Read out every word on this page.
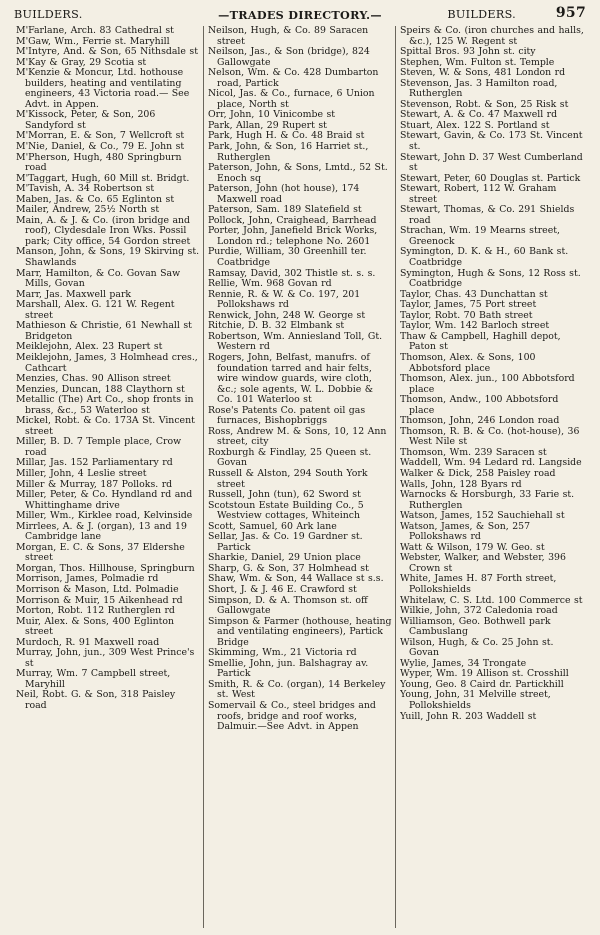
BUILDERS.	—TRADES DIRECTORY.—	BUILDERS.	957
M'Farlane, Arch. 83 Cathedral st
M'Gaw, Wm., Ferrie st. Maryhill
M'Intyre, And. & Son, 65 Nithsdale st
M'Kay & Gray, 29 Scotia st
M'Kenzie & Moncur, Ltd. hothouse builders, heating and ventilating engineers, 43 Victoria road.— See Advt. in Appen.
M'Kissock, Peter, & Son, 206 Sandyford st
M'Morran, E. & Son, 7 Wellcroft st
M'Nie, Daniel, & Co., 79 E. John st
M'Pherson, Hugh, 480 Springburn road
M'Taggart, Hugh, 60 Mill st. Bridgt.
M'Tavish, A. 34 Robertson st
Maben, Jas. & Co. 65 Eglinton st
Mailer, Andrew, 25½ North st
Main, A. & J. & Co. (iron bridge and roof), Clydesdale Iron Wks. Possil park; City office, 54 Gordon street
Manson, John, & Sons, 19 Skirving st. Shawlands
Marr, Hamilton, & Co. Govan Saw Mills, Govan
Marr, Jas. Maxwell park
Marshall, Alex. G. 121 W. Regent street
Mathieson & Christie, 61 Newhall st Bridgeton
Meiklejohn, Alex. 23 Rupert st
Meiklejohn, James, 3 Holmhead cres., Cathcart
Menzies, Chas. 90 Allison street
Menzies, Duncan, 188 Claythorn st
Metallic (The) Art Co., shop fronts in brass, &c., 53 Waterloo st
Mickel, Robt. & Co. 173A St. Vincent street
Miller, B. D. 7 Temple place, Crow road
Millar, Jas. 152 Parliamentary rd
Miller, John, 4 Leslie street
Miller & Murray, 187 Polloks. rd
Miller, Peter, & Co. Hyndland rd and Whittinghame drive
Miller, Wm., Kirklee road, Kelvinside
Mirrlees, A. & J. (organ), 13 and 19 Cambridge lane
Morgan, E. C. & Sons, 37 Eldershe street
Morgan, Thos. Hillhouse, Springburn
Morrison, James, Polmadie rd
Morrison & Mason, Ltd. Polmadie
Morrison & Muir, 15 Aikenhead rd
Morton, Robt. 112 Rutherglen rd
Muir, Alex. & Sons, 400 Eglinton street
Murdoch, R. 91 Maxwell road
Murray, John, jun., 309 West Prince's st
Murray, Wm. 7 Campbell street, Maryhill
Neil, Robt. G. & Son, 318 Paisley road
Neilson, Hugh, & Co. 89 Saracen street
Neilson, Jas., & Son (bridge), 824 Gallowgate
Nelson, Wm. & Co. 428 Dumbarton road, Partick
Nicol, Jas. & Co., furnace, 6 Union place, North st
Orr, John, 10 Vinicombe st
Park, Allan, 29 Rupert st
Park, Hugh H. & Co. 48 Braid st
Park, John, & Son, 16 Harriet st., Rutherglen
Paterson, John, & Sons, Lmtd., 52 St. Enoch sq
Paterson, John (hot house), 174 Maxwell road
Paterson, Sam. 189 Slatefield st
Pollock, John, Craighead, Barrhead
Porter, John, Janefield Brick Works, London rd.; telephone No. 2601
Purdie, William, 30 Greenhill ter. Coatbridge
Ramsay, David, 302 Thistle st. s. s.
Rellie, Wm. 968 Govan rd
Rennie, R. & W. & Co. 197, 201 Pollokshaws rd
Renwick, John, 248 W. George st
Ritchie, D. B. 32 Elmbank st
Robertson, Wm. Anniesland Toll, Gt. Western rd
Rogers, John, Belfast, manufrs. of foundation tarred and hair felts, wire window guards, wire cloth, &c.; sole agents, W. L. Dobbie & Co. 101 Waterloo st
Rose's Patents Co. patent oil gas furnaces, Bishopbriggs
Ross, Andrew M. & Sons, 10, 12 Ann street, city
Roxburgh & Findlay, 25 Queen st. Govan
Russell & Alston, 294 South York street
Russell, John (tun), 62 Sword st
Scotstoun Estate Building Co., 5 Westview cottages, Whiteinch
Scott, Samuel, 60 Ark lane
Sellar, Jas. & Co. 19 Gardner st. Partick
Sharkie, Daniel, 29 Union place
Sharp, G. & Son, 37 Holmhead st
Shaw, Wm. & Son, 44 Wallace st s.s.
Short, J. & J. 46 E. Crawford st
Simpson, D. & A. Thomson st. off Gallowgate
Simpson & Farmer (hothouse, heating and ventilating engineers), Partick Bridge
Skimming, Wm., 21 Victoria rd
Smellie, John, jun. Balshagray av. Partick
Smith, R. & Co. (organ), 14 Berkeley st. West
Somervail & Co., steel bridges and roofs, bridge and roof works, Dalmuir.—See Advt. in Appen
Speirs & Co. (iron churches and halls, &c.), 125 W. Regent st
Spittal Bros. 93 John st. city
Stephen, Wm. Fulton st. Temple
Steven, W. & Sons, 481 London rd
Stevenson, Jas. 3 Hamilton road, Rutherglen
Stevenson, Robt. & Son, 25 Risk st
Stewart, A. & Co. 47 Maxwell rd
Stuart, Alex. 122 S. Portland st
Stewart, Gavin, & Co. 173 St. Vincent st.
Stewart, John D. 37 West Cumberland st
Stewart, Peter, 60 Douglas st. Partick
Stewart, Robert, 112 W. Graham street
Stewart, Thomas, & Co. 291 Shields road
Strachan, Wm. 19 Mearns street, Greenock
Symington, D. K. & H., 60 Bank st. Coatbridge
Symington, Hugh & Sons, 12 Ross st. Coatbridge
Taylor, Chas. 43 Dunchattan st
Taylor, James, 75 Port street
Taylor, Robt. 70 Bath street
Taylor, Wm. 142 Barloch street
Thaw & Campbell, Haghill depot, Paton st
Thomson, Alex. & Sons, 100 Abbotsford place
Thomson, Alex. jun., 100 Abbotsford place
Thomson, Andw., 100 Abbotsford place
Thomson, John, 246 London road
Thomson, R. B. & Co. (hot-house), 36 West Nile st
Thomson, Wm. 239 Saracen st
Waddell, Wm. 94 Ledard rd. Langside
Walker & Dick, 258 Paisley road
Walls, John, 128 Byars rd
Warnocks & Horsburgh, 33 Farie st. Rutherglen
Watson, James, 152 Sauchiehall st
Watson, James, & Son, 257 Pollokshaws rd
Watt & Wilson, 179 W. Geo. st
Webster, Walker, and Webster, 396 Crown st
White, James H. 87 Forth street, Pollokshields
Whitelaw, C. S. Ltd. 100 Commerce st
Wilkie, John, 372 Caledonia road
Williamson, Geo. Bothwell park Cambuslang
Wilson, Hugh, & Co. 25 John st. Govan
Wylie, James, 34 Trongate
Wyper, Wm. 19 Allison st. Crosshill
Young, Geo. 8 Caird dr. Partickhill
Young, John, 31 Melville street, Pollokshields
Yuill, John R. 203 Waddell st
